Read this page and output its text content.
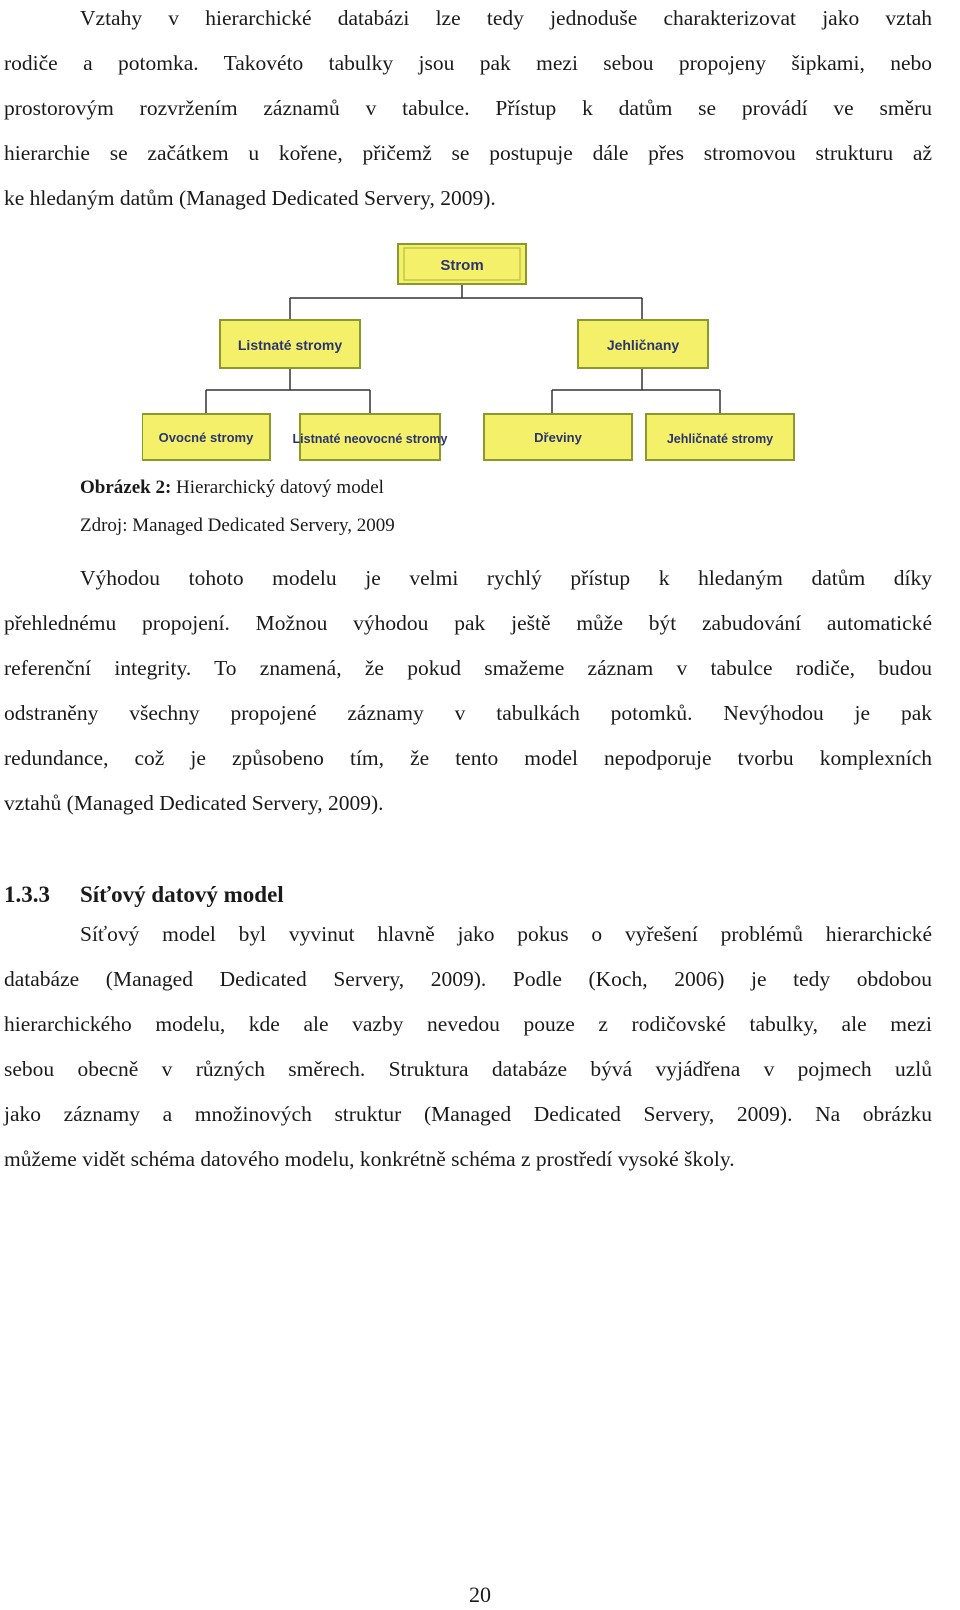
Vztahy v hierarchické databázi lze tedy jednoduše charakterizovat jako vztah
rodiče a potomka. Takovéto tabulky jsou pak mezi sebou propojeny šipkami, nebo
prostorovým rozvržením záznamů v tabulce. Přístup k datům se provádí ve směru
hierarchie se začátkem u kořene, přičemž se postupuje dále přes stromovou strukturu až
ke hledaným datům (Managed Dedicated Servery, 2009).
Strom
Listnaté stromy	Jehličnany
Ovocné stromy	Listnaté neovocné stromy	Dřeviny	Jehličnaté stromy

Obrázek 2: Hierarchický datový model

Zdroj: Managed Dedicated Servery, 2009

Výhodou tohoto modelu je velmi rychlý přístup k hledaným datům díky
přehlednému propojení. Možnou výhodou pak ještě může být zabudování automatické
referenční integrity. To znamená, že pokud smažeme záznam v tabulce rodiče, budou
odstraněny všechny propojené záznamy v tabulkách potomků. Nevýhodou je pak
redundance, což je způsobeno tím, že tento model nepodporuje tvorbu komplexních
vztahů (Managed Dedicated Servery, 2009).
1.3.3 Síťový datový model
Síťový model byl vyvinut hlavně jako pokus o vyřešení problémů hierarchické
databáze (Managed Dedicated Servery, 2009). Podle (Koch, 2006) je tedy obdobou
hierarchického modelu, kde ale vazby nevedou pouze z rodičovské tabulky, ale mezi
sebou obecně v různých směrech. Struktura databáze bývá vyjádřena v pojmech uzlů
jako záznamy a množinových struktur (Managed Dedicated Servery, 2009). Na obrázku
můžeme vidět schéma datového modelu, konkrétně schéma z prostředí vysoké školy.
20
